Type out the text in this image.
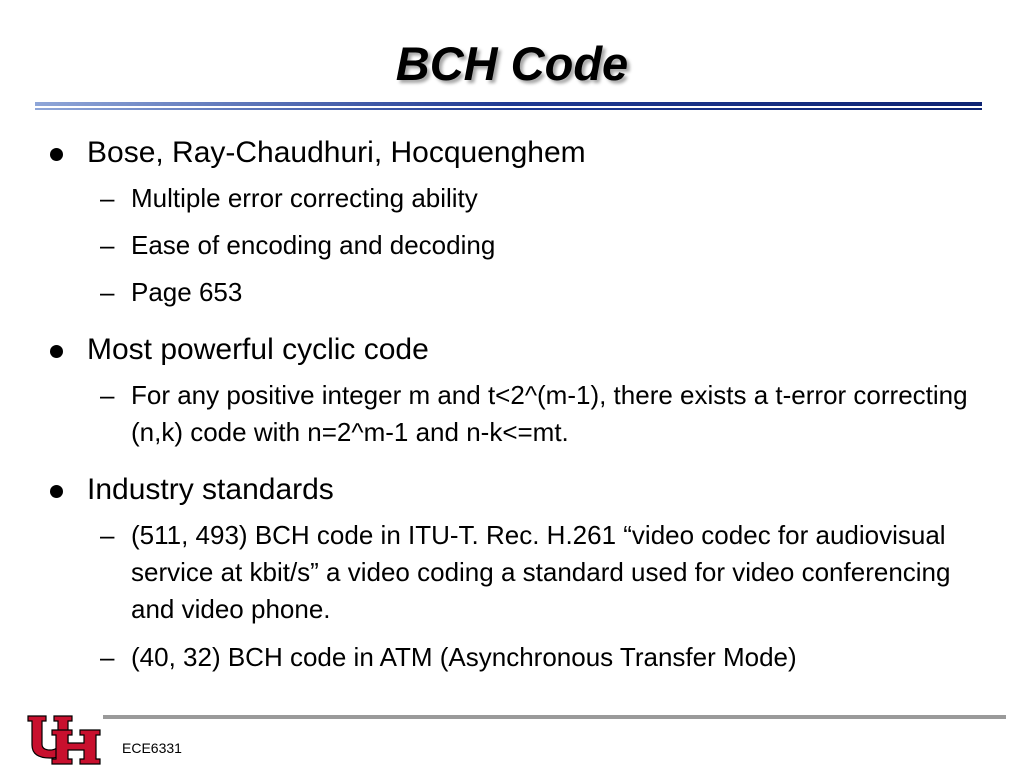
BCH Code
Bose, Ray-Chaudhuri, Hocquenghem
– Multiple error correcting ability
– Ease of encoding and decoding
– Page 653
Most powerful cyclic code
– For any positive integer m and t<2^(m-1), there exists a t-error correcting (n,k) code with n=2^m-1 and n-k<=mt.
Industry standards
– (511, 493) BCH code in ITU-T. Rec. H.261 “video codec for audiovisual service at kbit/s” a video coding a standard used for video conferencing and video phone.
– (40, 32) BCH code in ATM (Asynchronous Transfer Mode)
ECE6331
